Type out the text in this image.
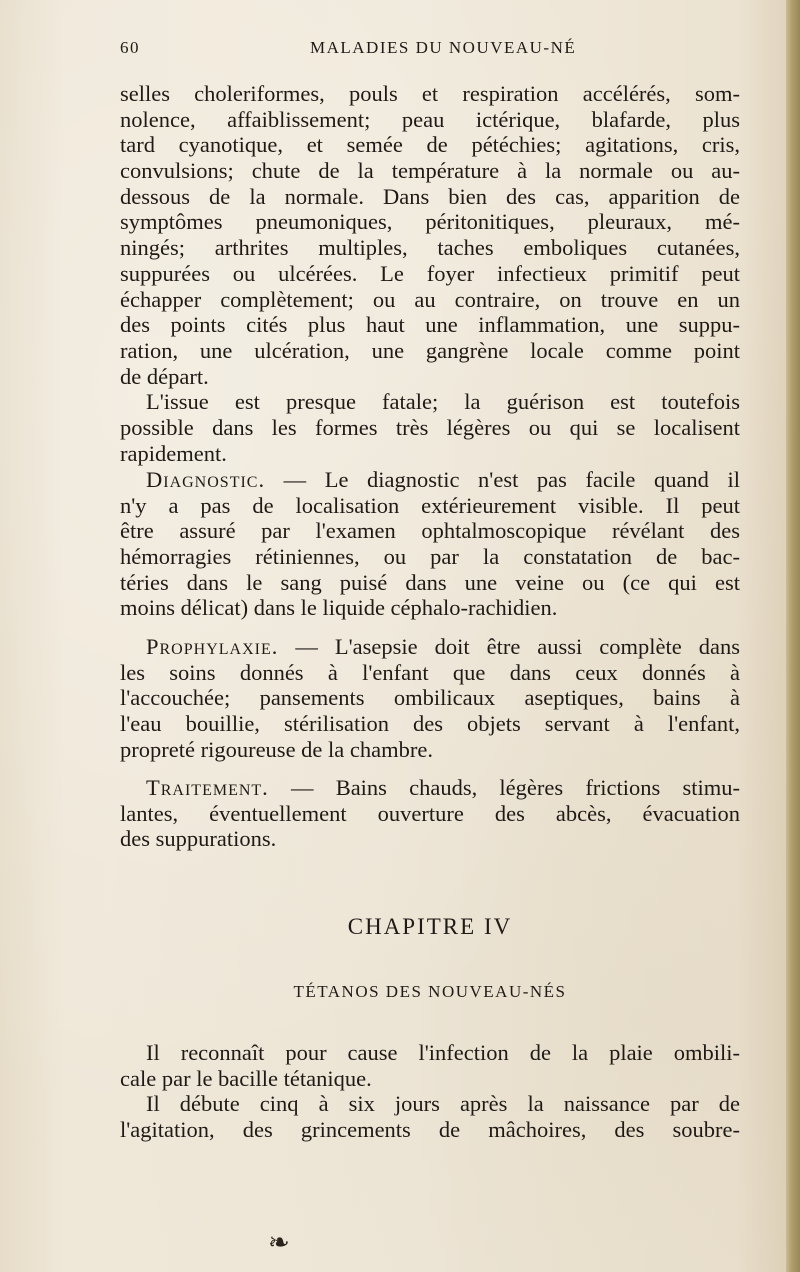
60	MALADIES DU NOUVEAU-NÉ
selles choleriformes, pouls et respiration accélérés, som-
nolence, affaiblissement; peau ictérique, blafarde, plus
tard cyanotique, et semée de pétéchies; agitations, cris,
convulsions; chute de la température à la normale ou au-
dessous de la normale. Dans bien des cas, apparition de
symptômes pneumoniques, péritonitiques, pleuraux, mé-
ningés; arthrites multiples, taches emboliques cutanées,
suppurées ou ulcérées. Le foyer infectieux primitif peut
échapper complètement; ou au contraire, on trouve en un
des points cités plus haut une inflammation, une suppu-
ration, une ulcération, une gangrène locale comme point
de départ.
L'issue est presque fatale; la guérison est toutefois
possible dans les formes très légères ou qui se localisent
rapidement.
Diagnostic. — Le diagnostic n'est pas facile quand il
n'y a pas de localisation extérieurement visible. Il peut
être assuré par l'examen ophtalmoscopique révélant des
hémorragies rétiniennes, ou par la constatation de bac-
téries dans le sang puisé dans une veine ou (ce qui est
moins délicat) dans le liquide céphalo-rachidien.
Prophylaxie. — L'asepsie doit être aussi complète dans
les soins donnés à l'enfant que dans ceux donnés à
l'accouchée; pansements ombilicaux aseptiques, bains à
l'eau bouillie, stérilisation des objets servant à l'enfant,
propreté rigoureuse de la chambre.
Traitement. — Bains chauds, légères frictions stimu-
lantes, éventuellement ouverture des abcès, évacuation
des suppurations.
CHAPITRE IV
TÉTANOS DES NOUVEAU-NÉS
Il reconnaît pour cause l'infection de la plaie ombili-
cale par le bacille tétanique.
Il débute cinq à six jours après la naissance par de
l'agitation, des grincements de mâchoires, des soubre-
❧
